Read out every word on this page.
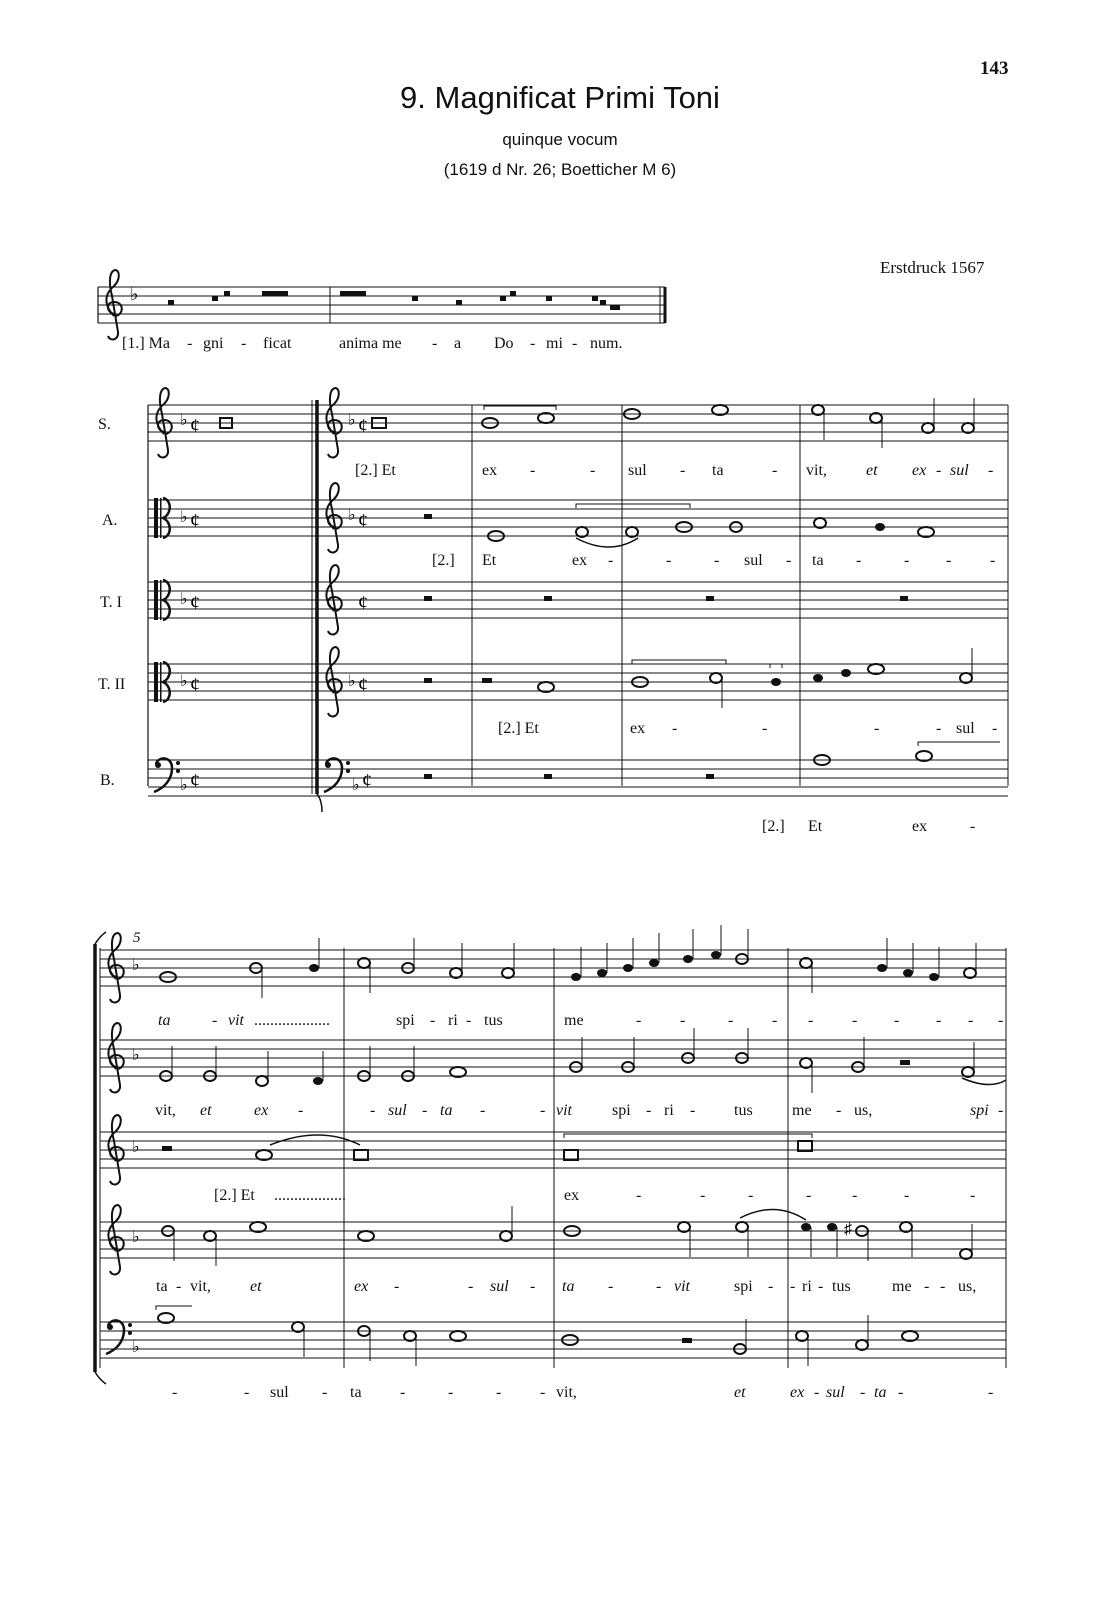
143
9. Magnificat Primi Toni
quinque vocum
(1619 d Nr. 26; Boetticher M 6)
Erstdruck 1567
S.
A.
T. I
T. II
B.
5
[1.] Ma - gni - ficat	anima me - a Do - mi - num.
[2.] Et	ex -	- sul - ta	- vit, et ex - sul -
[2.] Et	ex -	-	- sul - ta -	- - -
[2.] Et	ex -	-	-	- sul -
[2.] Et	ex	-
ta	- vit ...................	spi - ri - tus	me	- -	- - - - - - - -
vit, et	ex -	- sul - ta -	- vit	spi - ri - tus me - us,	spi -
[2.] Et ..................	ex	-	-	-	-	-	-	-
ta - vit, et	ex -	- sul - ta -	- vit	spi - - ri - tus	me - - us,
-	- sul - ta -	-	- - vit,	et	ex - sul - ta -	-
♭
♭ ¢	♭ ¢
♭ ¢	♭ ¢
♭ ¢	¢
♭ ¢	♭ ¢
♭ ¢	♭ ¢
♭
♭
♭
♭	♯
♭
